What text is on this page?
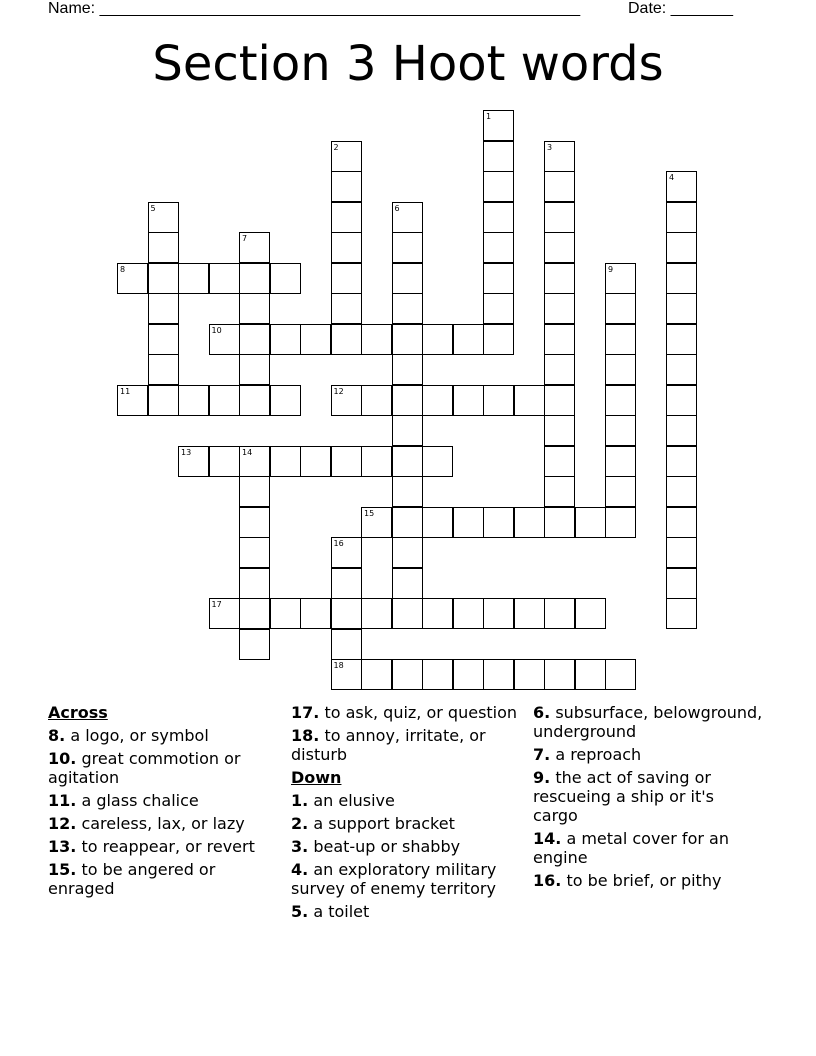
Name: ______________________________________________________	Date: _______
Section 3 Hoot words
1
2	3
4
5	6
7
8	9
10
11	12
13	14
15
16
18
17
Across
8. a logo, or symbol
10. great commotion or agitation
11. a glass chalice
12. careless, lax, or lazy
13. to reappear, or revert
15. to be angered or enraged
17. to ask, quiz, or question
18. to annoy, irritate, or disturb
Down
1. an elusive
2. a support bracket
3. beat-up or shabby
4. an exploratory military survey of enemy territory
5. a toilet
6. subsurface, belowground, underground
7. a reproach
9. the act of saving or rescueing a ship or it's cargo
14. a metal cover for an engine
16. to be brief, or pithy
